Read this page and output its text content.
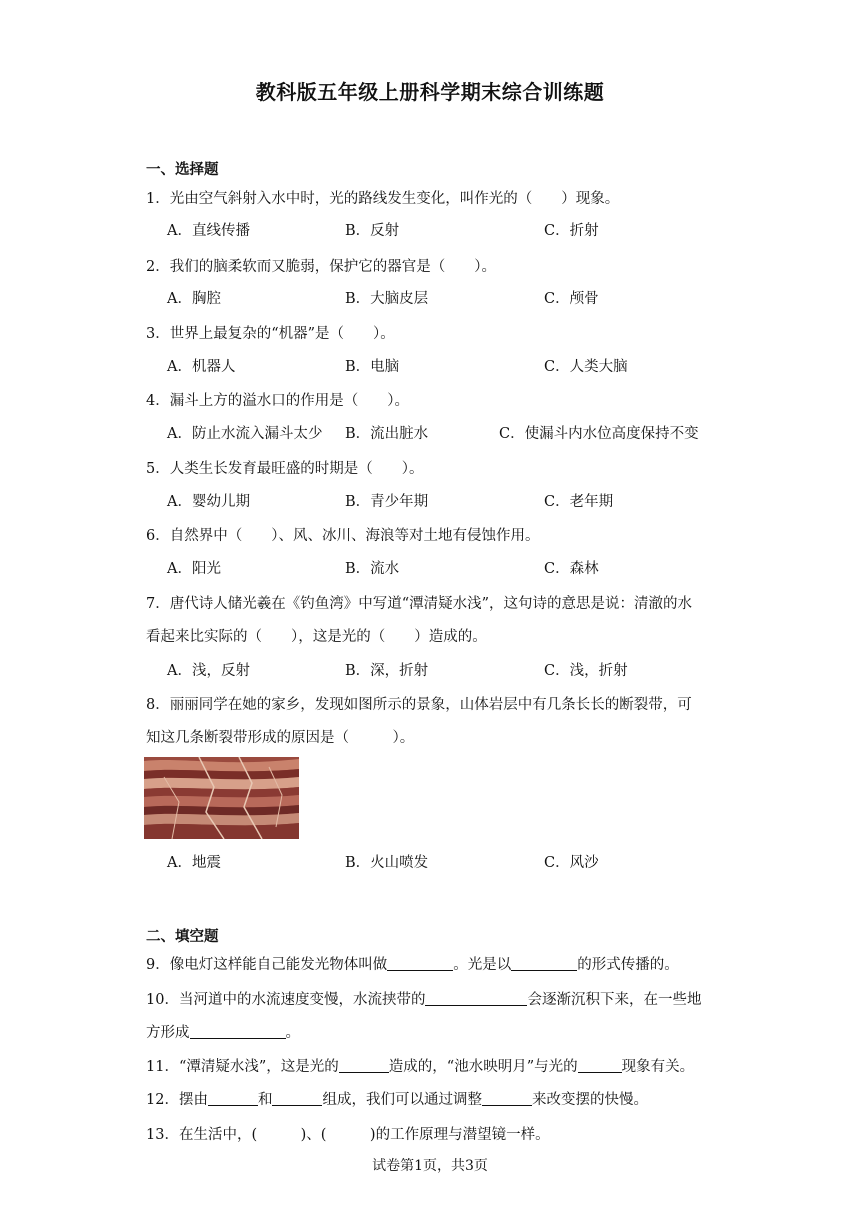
教科版五年级上册科学期末综合训练题
一、选择题
1．光由空气斜射入水中时，光的路线发生变化，叫作光的（　　）现象。
A．直线传播	B．反射	C．折射
2．我们的脑柔软而又脆弱，保护它的器官是（　　）。
A．胸腔	B．大脑皮层	C．颅骨
3．世界上最复杂的“机器”是（　　）。
A．机器人	B．电脑	C．人类大脑
4．漏斗上方的溢水口的作用是（　　）。
A．防止水流入漏斗太少 B．流出脏水	C．使漏斗内水位高度保持不变
5．人类生长发育最旺盛的时期是（　　）。
A．婴幼儿期	B．青少年期	C．老年期
6．自然界中（　　）、风、冰川、海浪等对土地有侵蚀作用。
A．阳光	B．流水	C．森林
7．唐代诗人储光羲在《钓鱼湾》中写道“潭清疑水浅”，这句诗的意思是说：清澈的水
看起来比实际的（　　），这是光的（　　）造成的。
A．浅，反射	B．深，折射	C．浅，折射
8．丽丽同学在她的家乡，发现如图所示的景象，山体岩层中有几条长长的断裂带，可
知这几条断裂带形成的原因是（　　　）。
A．地震	B．火山喷发	C．风沙
二、填空题
9．像电灯这样能自己能发光物体叫做	。光是以	的形式传播的。
10．当河道中的水流速度变慢，水流挟带的	会逐渐沉积下来，在一些地
方形成	。
11．“潭清疑水浅”，这是光的	造成的，“池水映明月”与光的	现象有关。
12．摆由	和	组成，我们可以通过调整	来改变摆的快慢。
13．在生活中，(　　　)、(　　　)的工作原理与潜望镜一样。
试卷第1页，共3页
